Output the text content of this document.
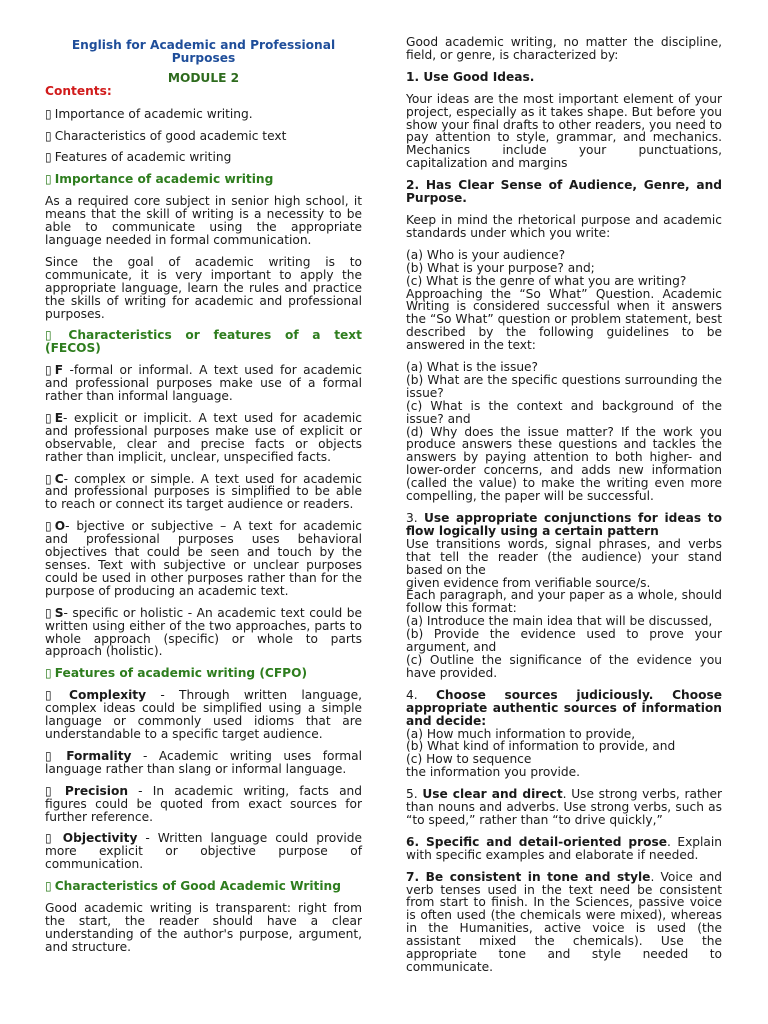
English for Academic and Professional Purposes

MODULE 2

Contents:

▯ Importance of academic writing.

▯ Characteristics of good academic text

▯ Features of academic writing

▯ Importance of academic writing

As a required core subject in senior high school, it means that the skill of writing is a necessity to be able to communicate using the appropriate language needed in formal communication.

Since the goal of academic writing is to communicate, it is very important to apply the appropriate language, learn the rules and practice the skills of writing for academic and professional purposes.

▯ Characteristics or features of a text (FECOS)

▯ F -formal or informal. A text used for academic and professional purposes make use of a formal rather than informal language.

▯ E- explicit or implicit. A text used for academic and professional purposes make use of explicit or observable, clear and precise facts or objects rather than implicit, unclear, unspecified facts.

▯ C- complex or simple. A text used for academic and professional purposes is simplified to be able to reach or connect its target audience or readers.

▯ O- bjective or subjective – A text for academic and professional purposes uses behavioral objectives that could be seen and touch by the senses. Text with subjective or unclear purposes could be used in other purposes rather than for the purpose of producing an academic text.

▯ S- specific or holistic - An academic text could be written using either of the two approaches, parts to whole approach (specific) or whole to parts approach (holistic).

▯ Features of academic writing (CFPO)

▯ Complexity - Through written language, complex ideas could be simplified using a simple language or commonly used idioms that are understandable to a specific target audience.

▯ Formality - Academic writing uses formal language rather than slang or informal language.

▯ Precision - In academic writing, facts and figures could be quoted from exact sources for further reference.

▯ Objectivity - Written language could provide more explicit or objective purpose of communication.

▯ Characteristics of Good Academic Writing

Good academic writing is transparent: right from the start, the reader should have a clear understanding of the author's purpose, argument, and structure.

Good academic writing, no matter the discipline, field, or genre, is characterized by:

1. Use Good Ideas.

Your ideas are the most important element of your project, especially as it takes shape. But before you show your final drafts to other readers, you need to pay attention to style, grammar, and mechanics. Mechanics include your punctuations, capitalization and margins

2. Has Clear Sense of Audience, Genre, and Purpose.

Keep in mind the rhetorical purpose and academic standards under which you write:

(a) Who is your audience?
(b) What is your purpose? and;
(c) What is the genre of what you are writing?

Approaching the “So What” Question. Academic Writing is considered successful when it answers the “So What” question or problem statement, best described by the following guidelines to be answered in the text:

(a) What is the issue?
(b) What are the specific questions surrounding the issue?
(c) What is the context and background of the issue? and
(d) Why does the issue matter? If the work you produce answers these questions and tackles the answers by paying attention to both higher- and lower-order concerns, and adds new information (called the value) to make the writing even more compelling, the paper will be successful.

3. Use appropriate conjunctions for ideas to flow logically using a certain pattern

Use transitions words, signal phrases, and verbs that tell the reader (the audience) your stand based on the

given evidence from verifiable source/s.

Each paragraph, and your paper as a whole, should follow this format:

(a) Introduce the main idea that will be discussed,
(b) Provide the evidence used to prove your argument, and
(c) Outline the significance of the evidence you have provided.

4. Choose sources judiciously. Choose appropriate authentic sources of information and decide:

(a) How much information to provide,
(b) What kind of information to provide, and
(c) How to sequence
the information you provide.

5. Use clear and direct. Use strong verbs, rather than nouns and adverbs. Use strong verbs, such as “to speed,” rather than “to drive quickly,”

6. Specific and detail-oriented prose. Explain with specific examples and elaborate if needed.

7. Be consistent in tone and style. Voice and verb tenses used in the text need be consistent from start to finish. In the Sciences, passive voice is often used (the chemicals were mixed), whereas in the Humanities, active voice is used (the assistant mixed the chemicals). Use the appropriate tone and style needed to communicate.
